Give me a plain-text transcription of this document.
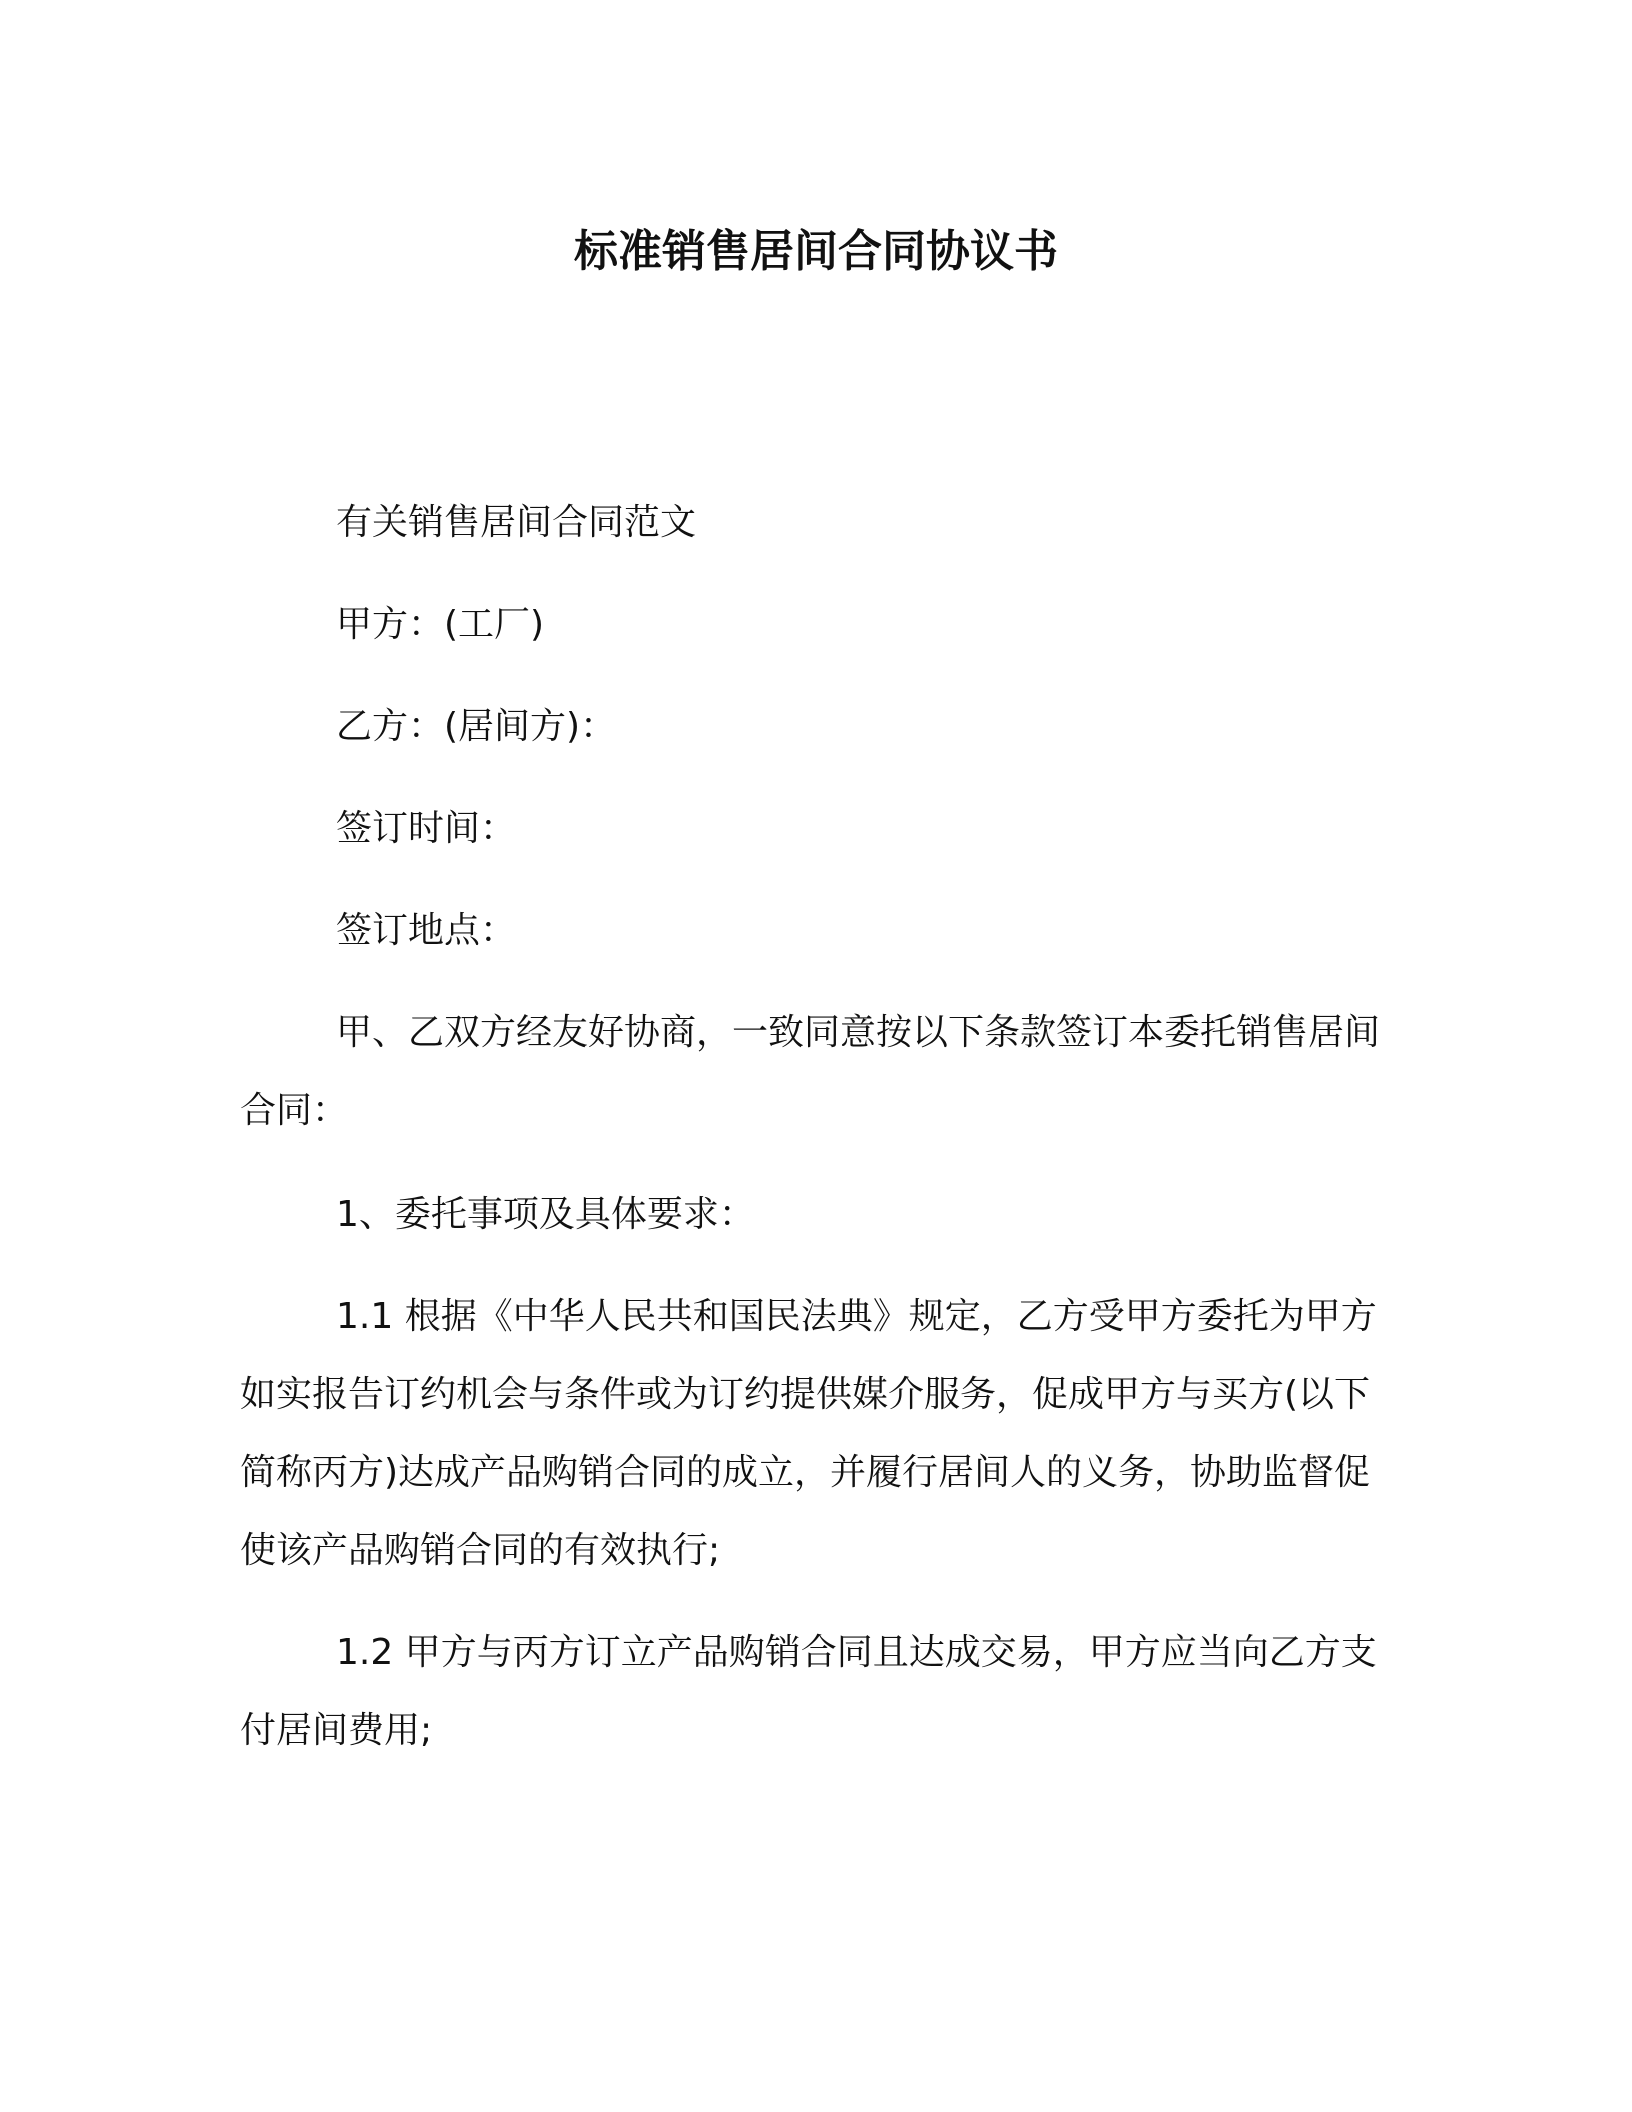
标准销售居间合同协议书

有关销售居间合同范文

甲方：(工厂)

乙方：(居间方)：

签订时间：

签订地点：

甲、乙双方经友好协商，一致同意按以下条款签订本委托销售居间合同：

1、委托事项及具体要求：

1.1 根据《中华人民共和国民法典》规定，乙方受甲方委托为甲方如实报告订约机会与条件或为订约提供媒介服务，促成甲方与买方(以下简称丙方)达成产品购销合同的成立，并履行居间人的义务，协助监督促使该产品购销合同的有效执行;

1.2 甲方与丙方订立产品购销合同且达成交易，甲方应当向乙方支付居间费用;
